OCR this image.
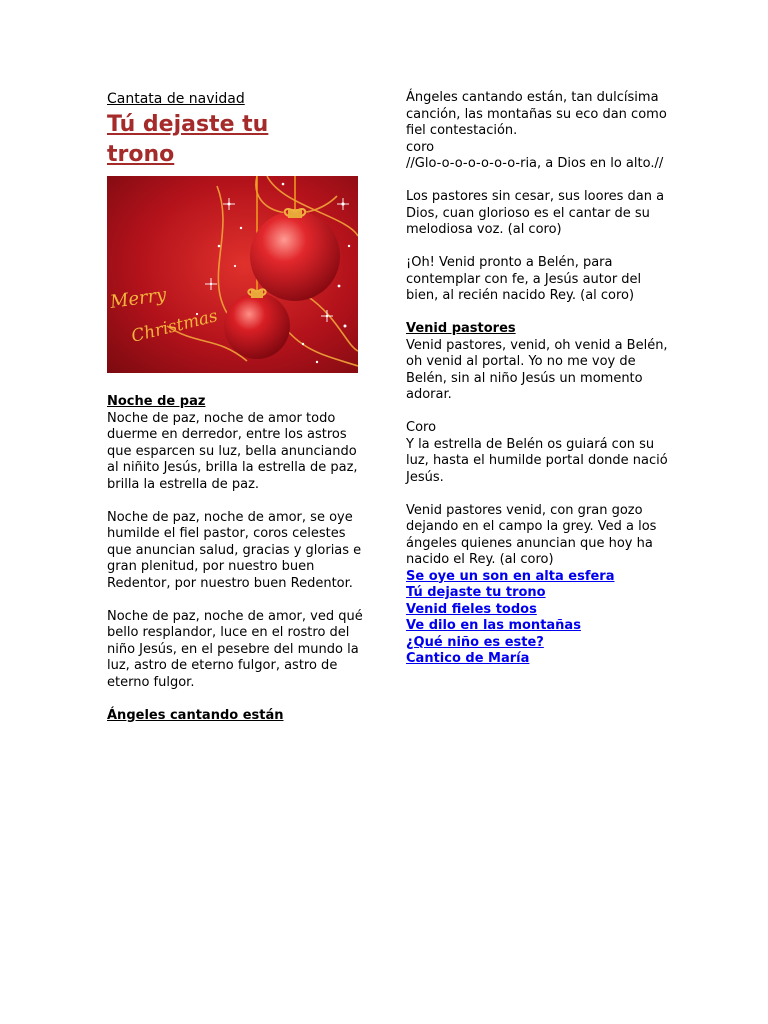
Cantata de navidad

Tú dejaste tu trono

Merry
Christmas

Noche de paz

Noche de paz, noche de amor todo duerme en derredor, entre los astros que esparcen su luz, bella anunciando al niñito Jesús, brilla la estrella de paz, brilla la estrella de paz.

Noche de paz, noche de amor, se oye humilde el fiel pastor, coros celestes que anuncian salud, gracias y glorias e gran plenitud, por nuestro buen Redentor, por nuestro buen Redentor.

Noche de paz, noche de amor, ved qué bello resplandor, luce en el rostro del niño Jesús, en el pesebre del mundo la luz, astro de eterno fulgor, astro de eterno fulgor.

Ángeles cantando están

Ángeles cantando están, tan dulcísima canción, las montañas su eco dan como fiel contestación.

coro

//Glo-o-o-o-o-o-o-ria, a Dios en lo alto.//

Los pastores sin cesar, sus loores dan a Dios, cuan glorioso es el cantar de su melodiosa voz. (al coro)

¡Oh! Venid pronto a Belén, para contemplar con fe, a Jesús autor del bien, al recién nacido Rey. (al coro)

Venid pastores

Venid pastores, venid, oh venid a Belén, oh venid al portal. Yo no me voy de Belén, sin al niño Jesús un momento adorar.

Coro

Y la estrella de Belén os guiará con su luz, hasta el humilde portal donde nació Jesús.

Venid pastores venid, con gran gozo dejando en el campo la grey. Ved a los ángeles quienes anuncian que hoy ha nacido el Rey. (al coro)

Se oye un son en alta esfera
Tú dejaste tu trono
Venid fieles todos
Ve dilo en las montañas
¿Qué niño es este?
Cantico de María
